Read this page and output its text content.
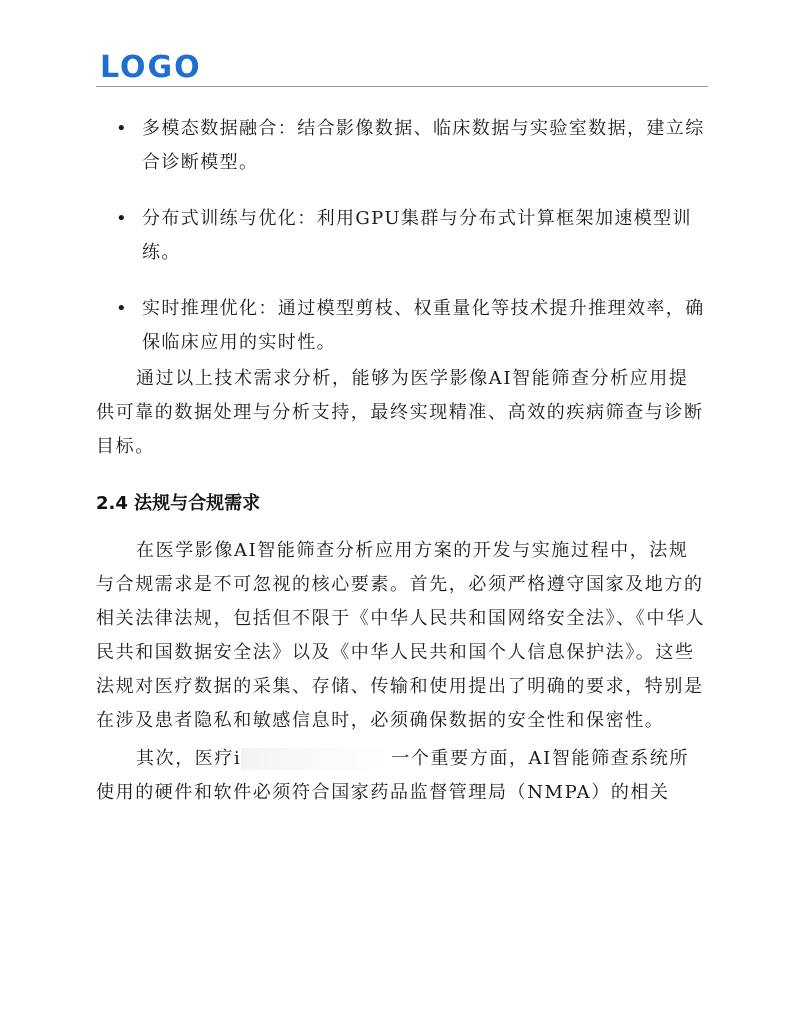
LOGO
• 多模态数据融合：结合影像数据、临床数据与实验室数据，建立综合诊断模型。
• 分布式训练与优化：利用GPU集群与分布式计算框架加速模型训练。
• 实时推理优化：通过模型剪枝、权重量化等技术提升推理效率，确保临床应用的实时性。

通过以上技术需求分析，能够为医学影像AI智能筛查分析应用提供可靠的数据处理与分析支持，最终实现精准、高效的疾病筛查与诊断目标。

2.4 法规与合规需求

在医学影像AI智能筛查分析应用方案的开发与实施过程中，法规与合规需求是不可忽视的核心要素。首先，必须严格遵守国家及地方的相关法律法规，包括但不限于《中华人民共和国网络安全法》、《中华人民共和国数据安全法》以及《中华人民共和国个人信息保护法》。这些法规对医疗数据的采集、存储、传输和使用提出了明确的要求，特别是在涉及患者隐私和敏感信息时，必须确保数据的安全性和保密性。

其次，医疗i	一个重要方面，AI智能筛查系统所使用的硬件和软件必须符合国家药品监督管理局（NMPA）的相关
